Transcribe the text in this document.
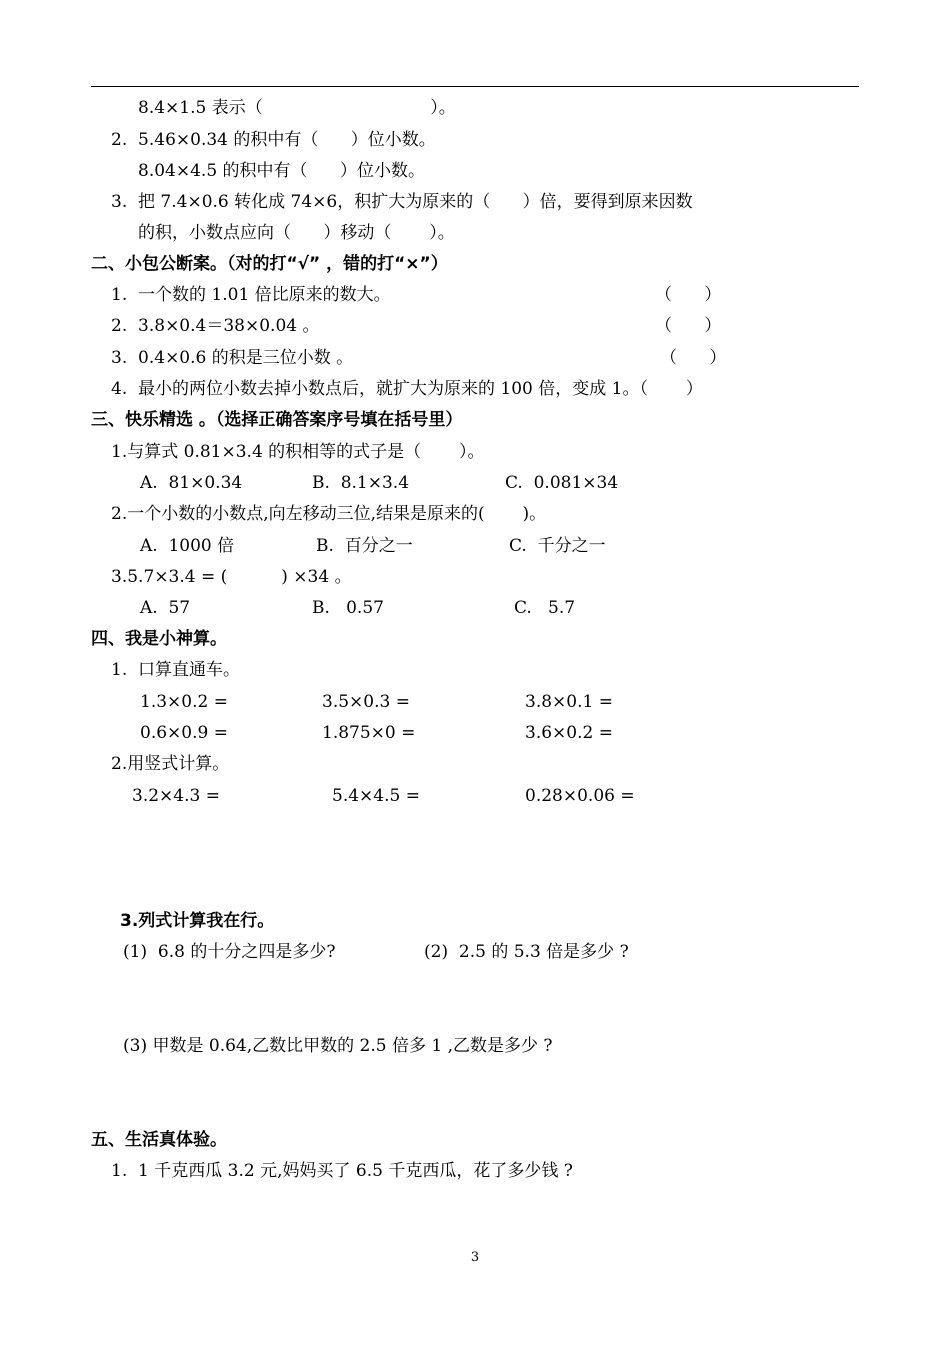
8.4×1.5 表示（                               ）。
2.  5.46×0.34 的积中有（      ）位小数。
8.04×4.5 的积中有（      ）位小数。
3.  把 7.4×0.6 转化成 74×6，积扩大为原来的（      ）倍，要得到原来因数
的积，小数点应向（      ）移动（       ）。
二、小包公断案。（对的打“√” ，错的打“×”）
1.  一个数的 1.01 倍比原来的数大。	（      ）
2.  3.8×0.4＝38×0.04 。	（      ）
3.  0.4×0.6 的积是三位小数 。	（      ）
4.  最小的两位小数去掉小数点后，就扩大为原来的 100 倍，变成 1。（       ）
三、快乐精选 。（选择正确答案序号填在括号里）
1.与算式 0.81×3.4 的积相等的式子是（       ）。
A.  81×0.34	B.  8.1×3.4	C.  0.081×34
2.一个小数的小数点,向左移动三位,结果是原来的(       )。
A.  1000 倍	B.  百分之一	C.  千分之一
3.5.7×3.4 = (          ) ×34 。
A.  57	B.   0.57	C.   5.7
四、我是小神算。
1.  口算直通车。
1.3×0.2 =	3.5×0.3 =	3.8×0.1 =
0.6×0.9 =	1.875×0 =	3.6×0.2 =
2.用竖式计算。
3.2×4.3 =	5.4×4.5 =	0.28×0.06 =
3.列式计算我在行。
(1)  6.8 的十分之四是多少?	(2)  2.5 的 5.3 倍是多少 ?
(3) 甲数是 0.64,乙数比甲数的 2.5 倍多 1 ,乙数是多少 ?
五、生活真体验。
1.  1 千克西瓜 3.2 元,妈妈买了 6.5 千克西瓜，花了多少钱 ?
3
